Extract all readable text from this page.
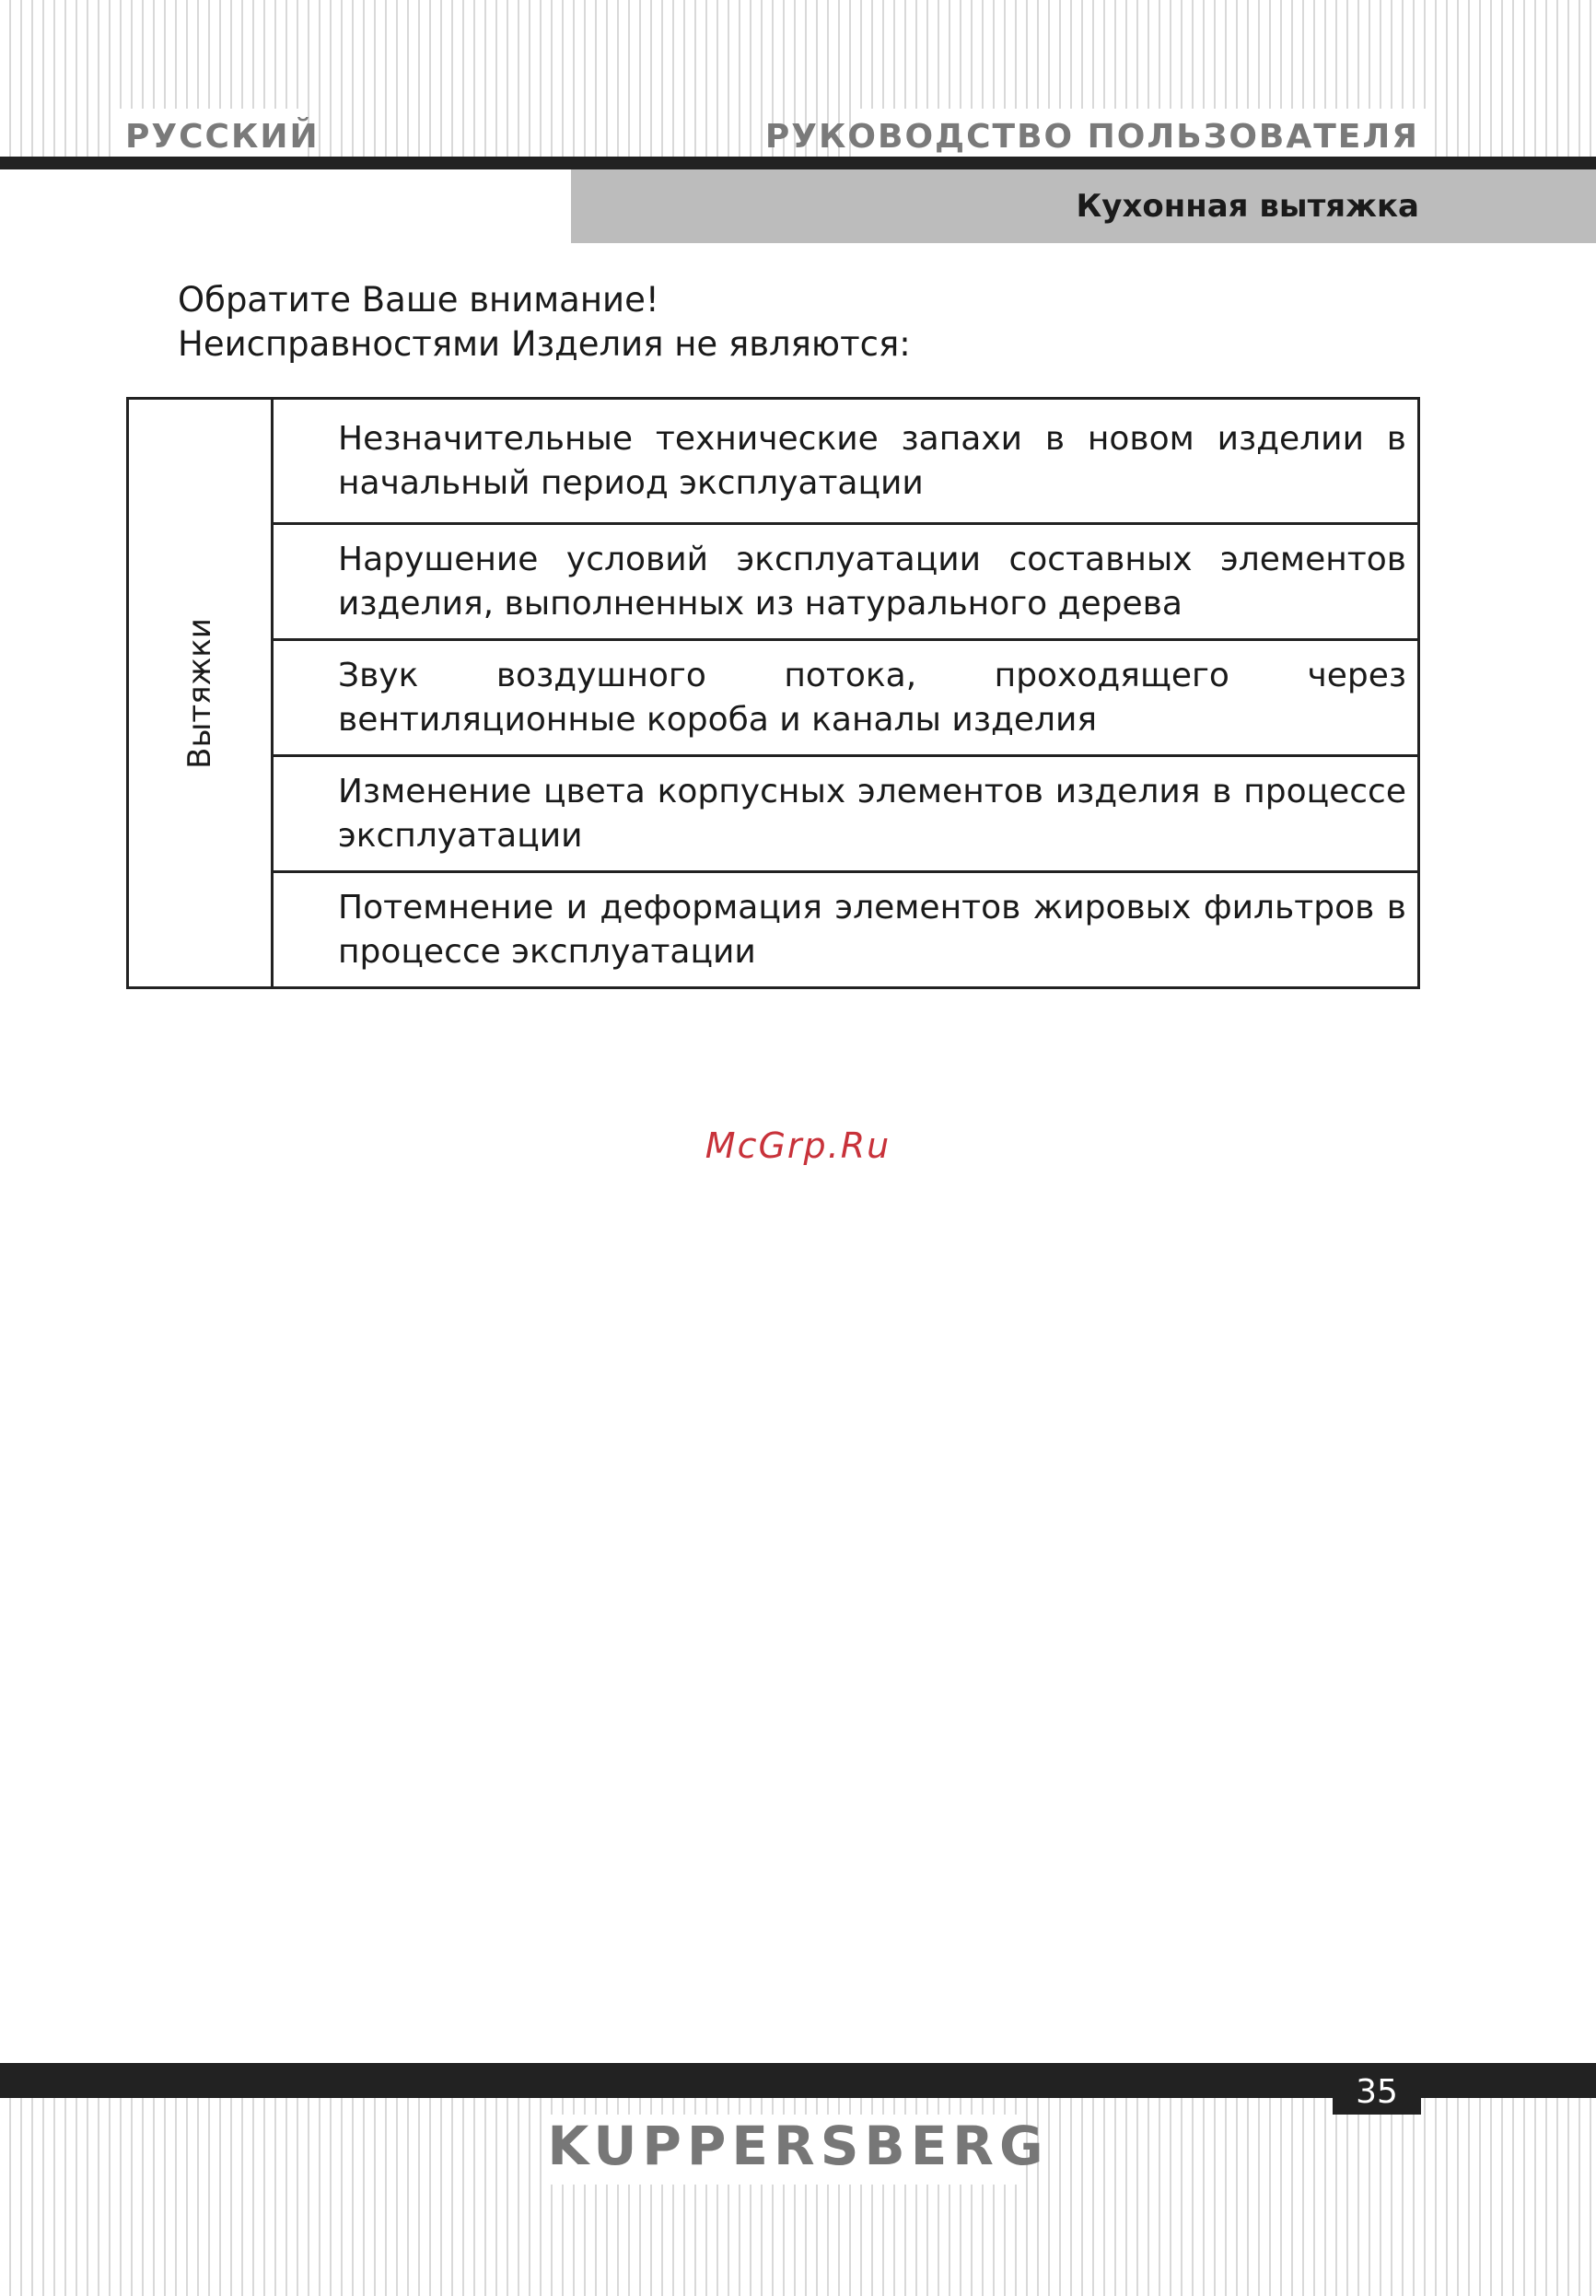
РУССКИЙ	РУКОВОДСТВО ПОЛЬЗОВАТЕЛЯ
Кухонная вытяжка
Обратите Ваше внимание!
Неисправностями Изделия не являются:
Вытяжки
	Незначительные технические запахи в новом изделии в начальный период эксплуатации
Нарушение условий эксплуатации составных элементов изделия, выполненных из натурального дерева
Звук воздушного потока, проходящего через вентиляционные короба и каналы изделия
Изменение цвета корпусных элементов изделия в процессе эксплуатации
Потемнение и деформация элементов жировых фильтров в процессе эксплуатации
McGrp.Ru
35
KUPPERSBERG
